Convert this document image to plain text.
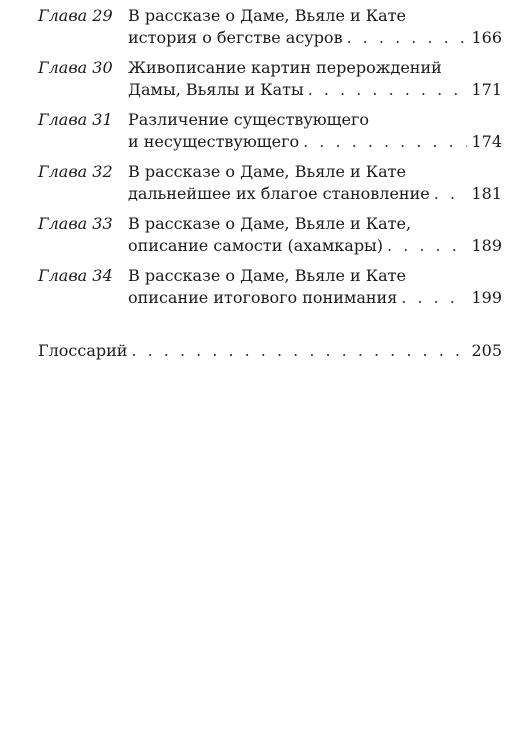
Глава 29 В рассказе о Даме, Вьяле и Кате
история о бегстве асуров . . .	166
Глава 30 Живописание картин перерождений
Дамы, Вьялы и Каты . . .	171
Глава 31 Различение существующего
и несуществующего . . .	174
Глава 32 В рассказе о Даме, Вьяле и Кате
дальнейшее их благое становление . . .	181
Глава 33 В рассказе о Даме, Вьяле и Кате,
описание самости (ахамкары) . . .	189
Глава 34 В рассказе о Даме, Вьяле и Кате
описание итогового понимания . . .	199
Глоссарий . . .	205
